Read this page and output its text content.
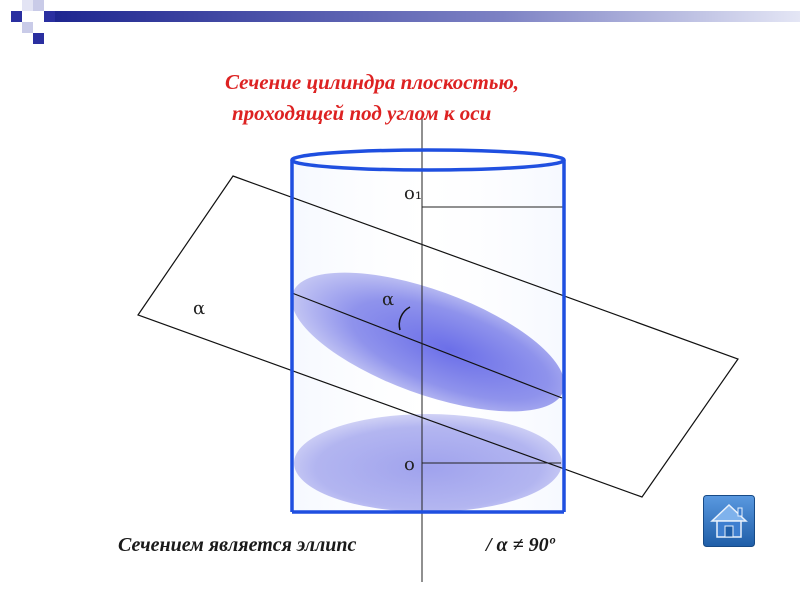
α	α
o₁
o
Сечение цилиндра плоскостью,
проходящей под углом к оси
Сечением является эллипс	/ α ≠ 90º
